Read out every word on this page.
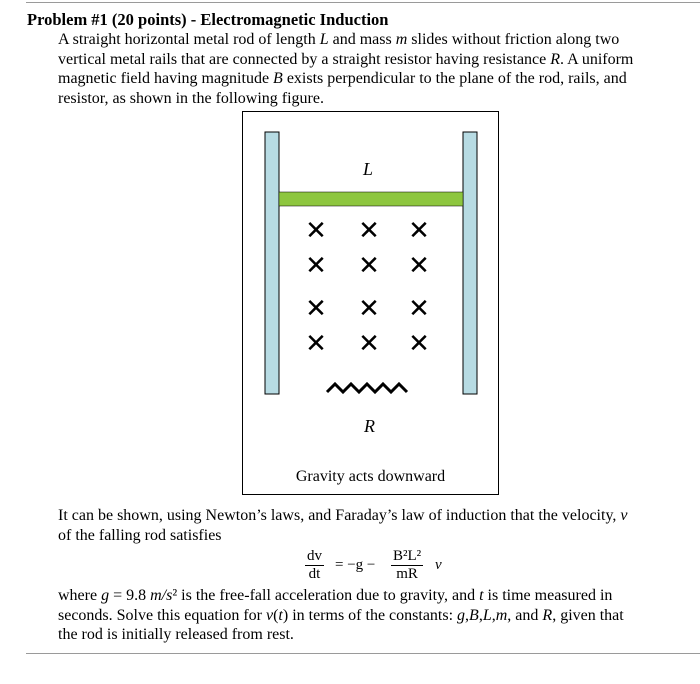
Problem #1 (20 points) - Electromagnetic Induction
A straight horizontal metal rod of length L and mass m slides without friction along two
vertical metal rails that are connected by a straight resistor having resistance R. A uniform
magnetic field having magnitude B exists perpendicular to the plane of the rod, rails, and
resistor, as shown in the following figure.
✕ ✕ ✕
✕ ✕ ✕
✕ ✕ ✕
✕ ✕ ✕
L
R
Gravity acts downward
It can be shown, using Newton’s laws, and Faraday’s law of induction that the velocity, v
of the falling rod satisfies
$\frac{dv}{dt} = -g - \frac{\text{B²L²}}{mR}$ v
where g = 9.8 m/s² is the free-fall acceleration due to gravity, and t is time measured in
seconds. Solve this equation for v(t) in terms of the constants: g,B,L,m, and R, given that
the rod is initially released from rest.
